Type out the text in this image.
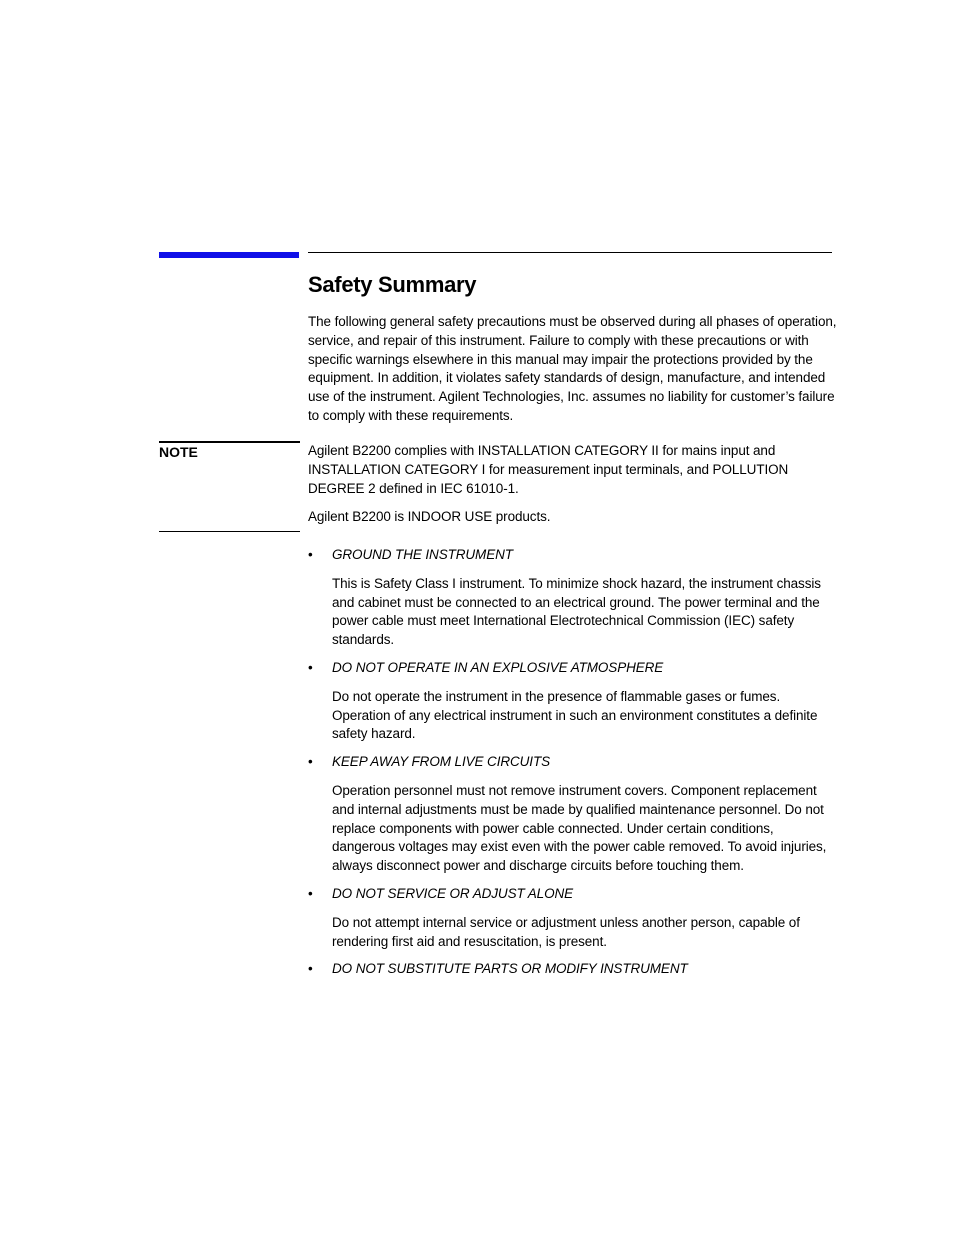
Safety Summary

The following general safety precautions must be observed during all phases of operation, service, and repair of this instrument. Failure to comply with these precautions or with specific warnings elsewhere in this manual may impair the protections provided by the equipment. In addition, it violates safety standards of design, manufacture, and intended use of the instrument. Agilent Technologies, Inc. assumes no liability for customer’s failure to comply with these requirements.

NOTE	Agilent B2200 complies with INSTALLATION CATEGORY II for mains input and INSTALLATION CATEGORY I for measurement input terminals, and POLLUTION DEGREE 2 defined in IEC 61010-1.

Agilent B2200 is INDOOR USE products.

• GROUND THE INSTRUMENT

This is Safety Class I instrument. To minimize shock hazard, the instrument chassis and cabinet must be connected to an electrical ground. The power terminal and the power cable must meet International Electrotechnical Commission (IEC) safety standards.

• DO NOT OPERATE IN AN EXPLOSIVE ATMOSPHERE

Do not operate the instrument in the presence of flammable gases or fumes. Operation of any electrical instrument in such an environment constitutes a definite safety hazard.

• KEEP AWAY FROM LIVE CIRCUITS

Operation personnel must not remove instrument covers. Component replacement and internal adjustments must be made by qualified maintenance personnel. Do not replace components with power cable connected. Under certain conditions, dangerous voltages may exist even with the power cable removed. To avoid injuries, always disconnect power and discharge circuits before touching them.

• DO NOT SERVICE OR ADJUST ALONE

Do not attempt internal service or adjustment unless another person, capable of rendering first aid and resuscitation, is present.

• DO NOT SUBSTITUTE PARTS OR MODIFY INSTRUMENT
